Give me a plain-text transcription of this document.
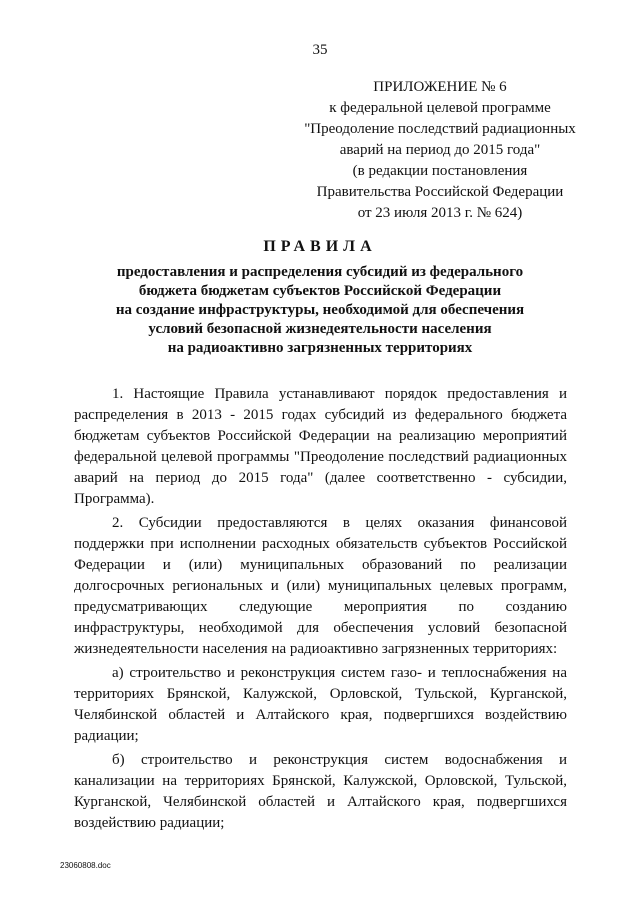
35
ПРИЛОЖЕНИЕ № 6
к федеральной целевой программе
"Преодоление последствий радиационных
аварий на период до 2015 года"
(в редакции постановления
Правительства Российской Федерации
от 23 июля 2013 г. № 624)
ПРАВИЛА
предоставления и распределения субсидий из федерального
бюджета бюджетам субъектов Российской Федерации
на создание инфраструктуры, необходимой для обеспечения
условий безопасной жизнедеятельности населения
на радиоактивно загрязненных территориях

1. Настоящие Правила устанавливают порядок предоставления и распределения в 2013 - 2015 годах субсидий из федерального бюджета бюджетам субъектов Российской Федерации на реализацию мероприятий федеральной целевой программы "Преодоление последствий радиационных аварий на период до 2015 года" (далее соответственно - субсидии, Программа).

2. Субсидии предоставляются в целях оказания финансовой поддержки при исполнении расходных обязательств субъектов Российской Федерации и (или) муниципальных образований по реализации долгосрочных региональных и (или) муниципальных целевых программ, предусматривающих следующие мероприятия по созданию инфраструктуры, необходимой для обеспечения условий безопасной жизнедеятельности населения на радиоактивно загрязненных территориях:

а) строительство и реконструкция систем газо- и теплоснабжения на территориях Брянской, Калужской, Орловской, Тульской, Курганской, Челябинской областей и Алтайского края, подвергшихся воздействию радиации;

б) строительство и реконструкция систем водоснабжения и канализации на территориях Брянской, Калужской, Орловской, Тульской, Курганской, Челябинской областей и Алтайского края, подвергшихся воздействию радиации;

23060808.doc
